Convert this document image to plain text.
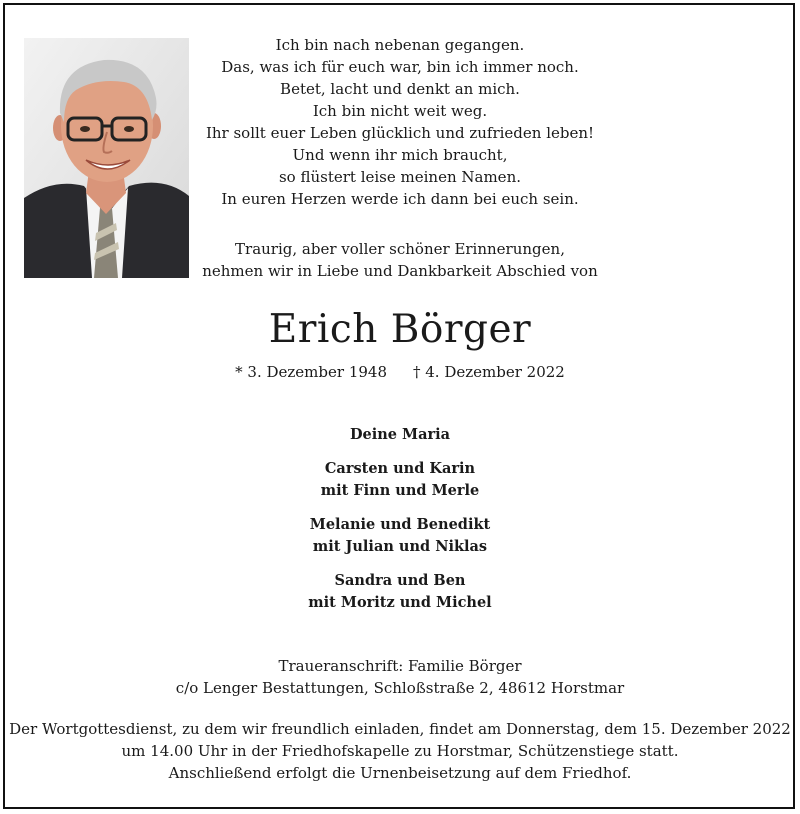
Ich bin nach nebenan gegangen.
Das, was ich für euch war, bin ich immer noch.
Betet, lacht und denkt an mich.
Ich bin nicht weit weg.
Ihr sollt euer Leben glücklich und zufrieden leben!
Und wenn ihr mich braucht,
so flüstert leise meinen Namen.
In euren Herzen werde ich dann bei euch sein.
Traurig, aber voller schöner Erinnerungen,
nehmen wir in Liebe und Dankbarkeit Abschied von
Erich Börger
* 3. Dezember 1948 † 4. Dezember 2022
Deine Maria
Carsten und Karin
mit Finn und Merle
Melanie und Benedikt
mit Julian und Niklas
Sandra und Ben
mit Moritz und Michel
Traueranschrift: Familie Börger
c/o Lenger Bestattungen, Schloßstraße 2, 48612 Horstmar
Der Wortgottesdienst, zu dem wir freundlich einladen, findet am Donnerstag, dem 15. Dezember 2022
um 14.00 Uhr in der Friedhofskapelle zu Horstmar, Schützenstiege statt.
Anschließend erfolgt die Urnenbeisetzung auf dem Friedhof.
